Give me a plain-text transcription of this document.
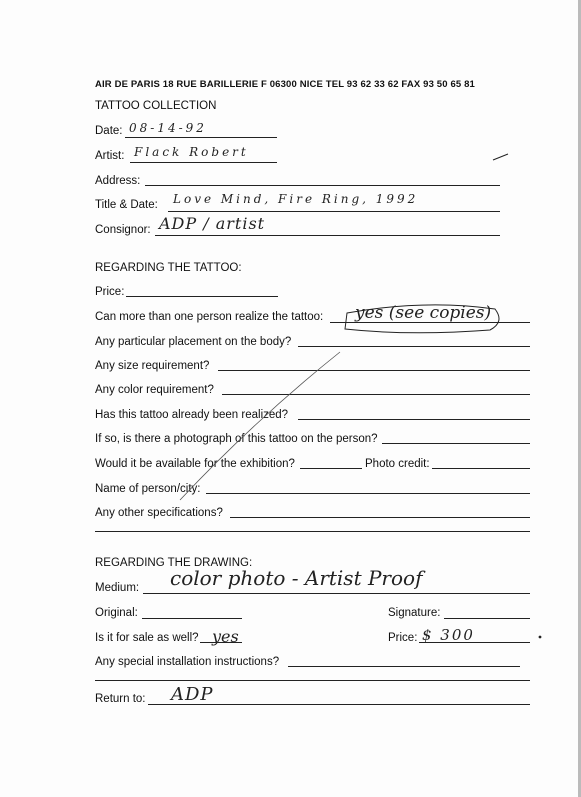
AIR DE PARIS 18 RUE BARILLERIE F 06300 NICE TEL 93 62 33 62 FAX 93 50 65 81
TATTOO COLLECTION
Date: 08-14-92
Artist: Flack Robert
Address:
Title & Date: Love Mind, Fire Ring, 1992
Consignor: ADP / artist
REGARDING THE TATTOO:
Price:
Can more than one person realize the tattoo: yes (see copies)
Any particular placement on the body?
Any size requirement?
Any color requirement?
Has this tattoo already been realized?
If so, is there a photograph of this tattoo on the person?
Would it be available for the exhibition?	Photo credit:
Name of person/city:
Any other specifications?
REGARDING THE DRAWING:
Medium: color photo - Artist Proof
Original:	Signature:
Is it for sale as well? yes	Price: $ 300
Any special installation instructions?
Return to: ADP
